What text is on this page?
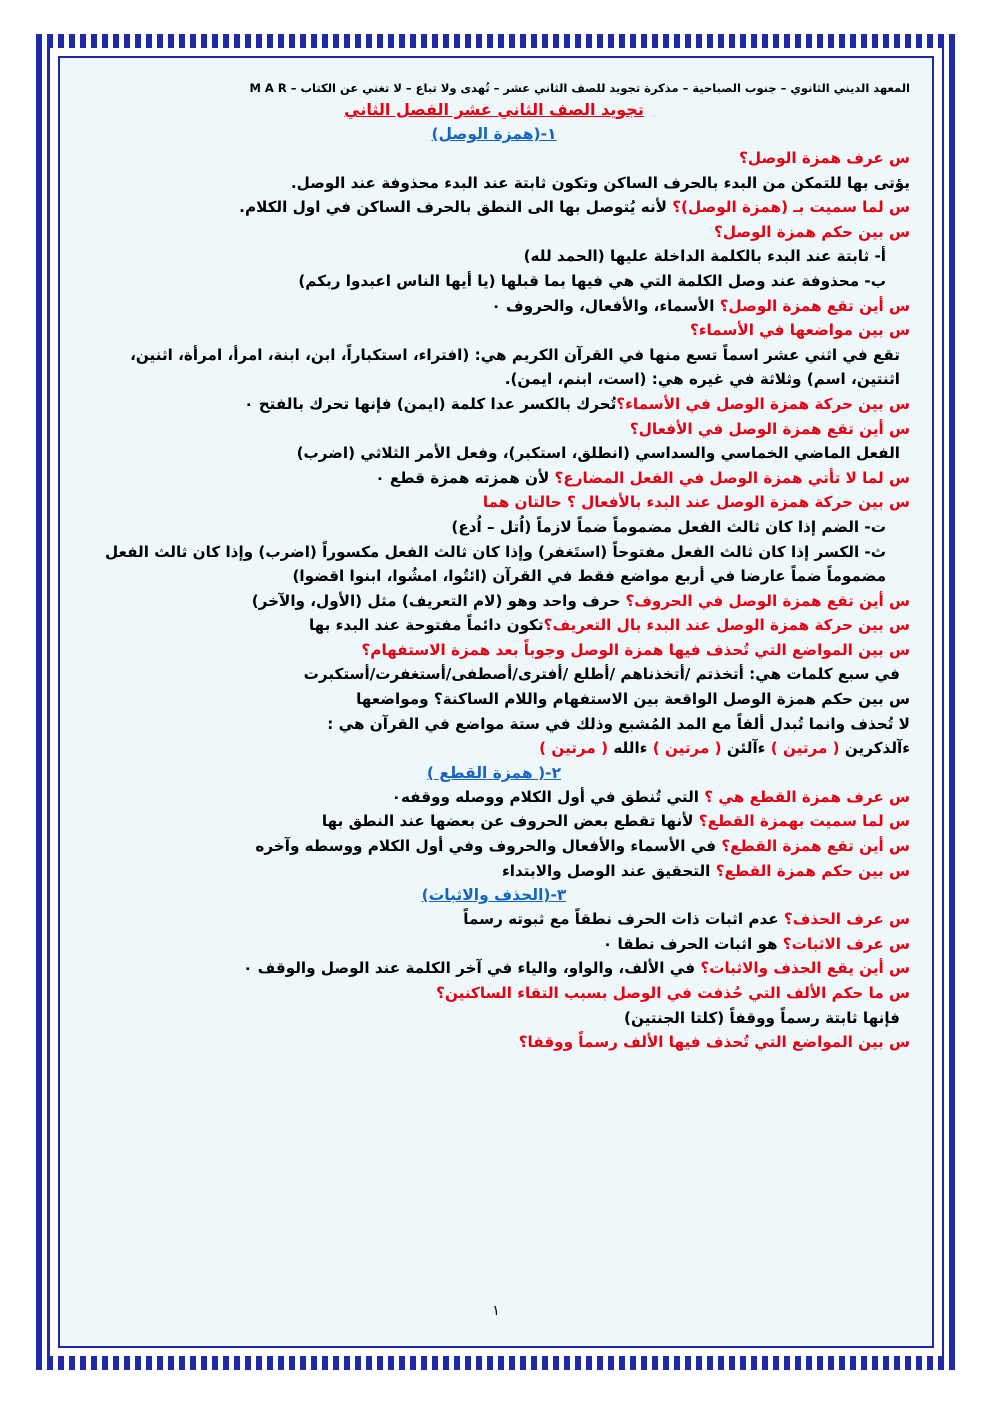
المعهد الديني الثانوي – جنوب الصباحية – مذكرة تجويد للصف الثاني عشر – تُهدى ولا تباع – لا تغني عن الكتاب – M A R
تجويد الصف الثاني عشر الفصل الثاني
١-(همزة الوصل)
س عرف همزة الوصل؟
يؤتى بها للتمكن من البدء بالحرف الساكن وتكون ثابتة عند البدء محذوفة عند الوصل.
س لما سميت بـ (همزة الوصل)؟ لأنه يُتوصل بها الى النطق بالحرف الساكن في اول الكلام.
س بين حكم همزة الوصل؟
أ- ثابتة عند البدء بالكلمة الداخلة عليها (الحمد لله)
ب- محذوفة عند وصل الكلمة التي هي فيها بما قبلها (يا أيها الناس اعبدوا ربكم)
س أين تقع همزة الوصل؟ الأسماء، والأفعال، والحروف ٠
س بين مواضعها في الأسماء؟
تقع في اثني عشر اسماً تسع منها في القرآن الكريم هي: (افتراء، استكباراً، ابن، ابنة، امرأ، امرأة، اثنين، اثنتين، اسم) وثلاثة في غيره هي: (است، ابنم، ايمن).
س بين حركة همزة الوصل في الأسماء؟تُحرك بالكسر عدا كلمة (ايمن) فإنها تحرك بالفتح ٠
س أين تقع همزة الوصل في الأفعال؟
الفعل الماضي الخماسي والسداسي (انطلق، استكبر)، وفعل الأمر الثلاثي (اضرب)
س لما لا تأتي همزة الوصل في الفعل المضارع؟ لأن همزته همزة قطع ٠
س بين حركة همزة الوصل عند البدء بالأفعال ؟ حالتان هما
ت- الضم إذا كان ثالث الفعل مضموماً ضماً لازماً (اُتل – اُدع)
ث- الكسر إذا كان ثالث الفعل مفتوحاً (استَغفر) وإذا كان ثالث الفعل مكسوراً (اضرب) وإذا كان ثالث الفعل مضموماً ضماً عارضا في أربع مواضع فقط في القرآن (ائتُوا، امشُوا، ابنوا اقضوا)
س أين تقع همزة الوصل في الحروف؟ حرف واحد وهو (لام التعريف) مثل (الأول، والآخر)
س بين حركة همزة الوصل عند البدء بال التعريف؟تكون دائماً مفتوحة عند البدء بها
س بين المواضع التي تُحذف فيها همزة الوصل وجوباً بعد همزة الاستفهام؟
في سبع كلمات هي: أتخذتم /أتخذناهم /أطلع /أفترى/أصطفى/أستغفرت/أستكبرت
س بين حكم همزة الوصل الواقعة بين الاستفهام واللام الساكنة؟ ومواضعها
لا تُحذف وانما تُبدل ألفاً مع المد المُشبع وذلك في ستة مواضع في القرآن هي :
ءآلذكرين ( مرتين ) ءآلئن ( مرتين ) ءالله ( مرتين )
٢-( همزة القطع )
س عرف همزة القطع هي ؟ التي تُنطق في أول الكلام ووصله ووقفه٠
س لما سميت بهمزة القطع؟ لأنها تقطع بعض الحروف عن بعضها عند النطق بها
س أين تقع همزة القطع؟ في الأسماء والأفعال والحروف وفي أول الكلام ووسطه وآخره
س بين حكم همزة القطع؟ التحقيق عند الوصل والابتداء
٣-(الحذف والاثبات)
س عرف الحذف؟ عدم اثبات ذات الحرف نطقاً مع ثبوته رسماً
س عرف الاثبات؟ هو اثبات الحرف نطقا ٠
س أين يقع الحذف والاثبات؟ في الألف، والواو، والياء في آخر الكلمة عند الوصل والوقف ٠
س ما حكم الألف التي حُذفت في الوصل بسبب التقاء الساكنين؟
فإنها ثابتة رسماً ووقفاً (كلتا الجنتين)
س بين المواضع التي تُحذف فيها الألف رسماً ووقفا؟
١
